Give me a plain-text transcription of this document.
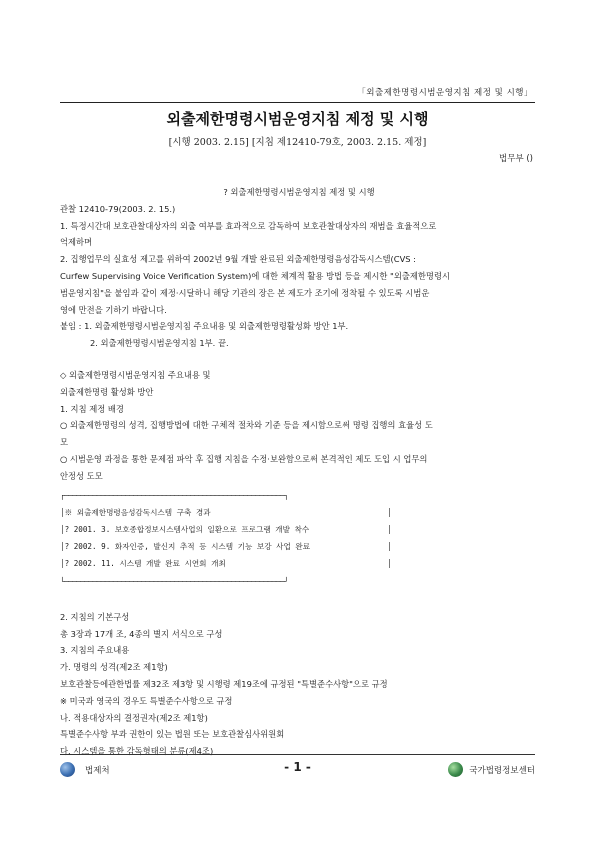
「외출제한명령시범운영지침 제정 및 시행」
외출제한명령시범운영지침 제정 및 시행
[시행 2003. 2.15] [지침 제12410-79호, 2003. 2.15. 제정]
법무부 ()

? 외출제한명령시범운영지침 제정 및 시행

관찰 12410-79(2003. 2. 15.)

1. 특정시간대 보호관찰대상자의 외출 여부를 효과적으로 감독하여 보호관찰대상자의 재범을 효율적으로

억제하며

2. 집행업무의 실효성 제고를 위하여 2002년 9월 개발 완료된 외출제한명령음성감독시스템(CVS :

Curfew Supervising Voice Verification System)에 대한 체계적 활용 방법 등을 제시한 "외출제한명령시

범운영지침"을 붙임과 같이 제정·시달하니 해당 기관의 장은 본 제도가 조기에 정착될 수 있도록 시범운

영에 만전을 기하기 바랍니다.

붙임 : 1. 외출제한명령시범운영지침 주요내용 및 외출제한명령활성화 방안 1부.

2. 외출제한명령시범운영지침 1부. 끝.

◇ 외출제한명령시범운영지침 주요내용 및

외출제한명령 활성화 방안

1. 지침 제정 배경

○ 외출제한명령의 성격, 집행방법에 대한 구체적 절차와 기준 등을 제시함으로써 명령 집행의 효율성 도

모

○ 시범운영 과정을 통한 문제점 파악 후 집행 지침을 수정·보완함으로써 본격적인 제도 도입 시 업무의

안정성 도모

┌──────────────────────────────────────────────────────┐
│※ 외출제한명령음성감독시스템 구축 경과	│
│? 2001. 3. 보호종합정보시스템사업의 일환으로 프로그램 개발 착수	│
│? 2002. 9. 화자인증, 발신지 추적 등 시스템 기능 보강 사업 완료	│
│? 2002. 11. 시스템 개발 완료 시연회 개최	│
└──────────────────────────────────────────────────────┘

2. 지침의 기본구성

총 3장과 17개 조, 4종의 별지 서식으로 구성

3. 지침의 주요내용

가. 명령의 성격(제2조 제1항)

보호관찰등에관한법률 제32조 제3항 및 시행령 제19조에 규정된 "특별준수사항"으로 규정

※ 미국과 영국의 경우도 특별준수사항으로 규정

나. 적용대상자의 결정권자(제2조 제1항)

특별준수사항 부과 권한이 있는 법원 또는 보호관찰심사위원회

다. 시스템을 통한 감독형태의 분류(제4조)

법제처	- 1 -	국가법령정보센터
